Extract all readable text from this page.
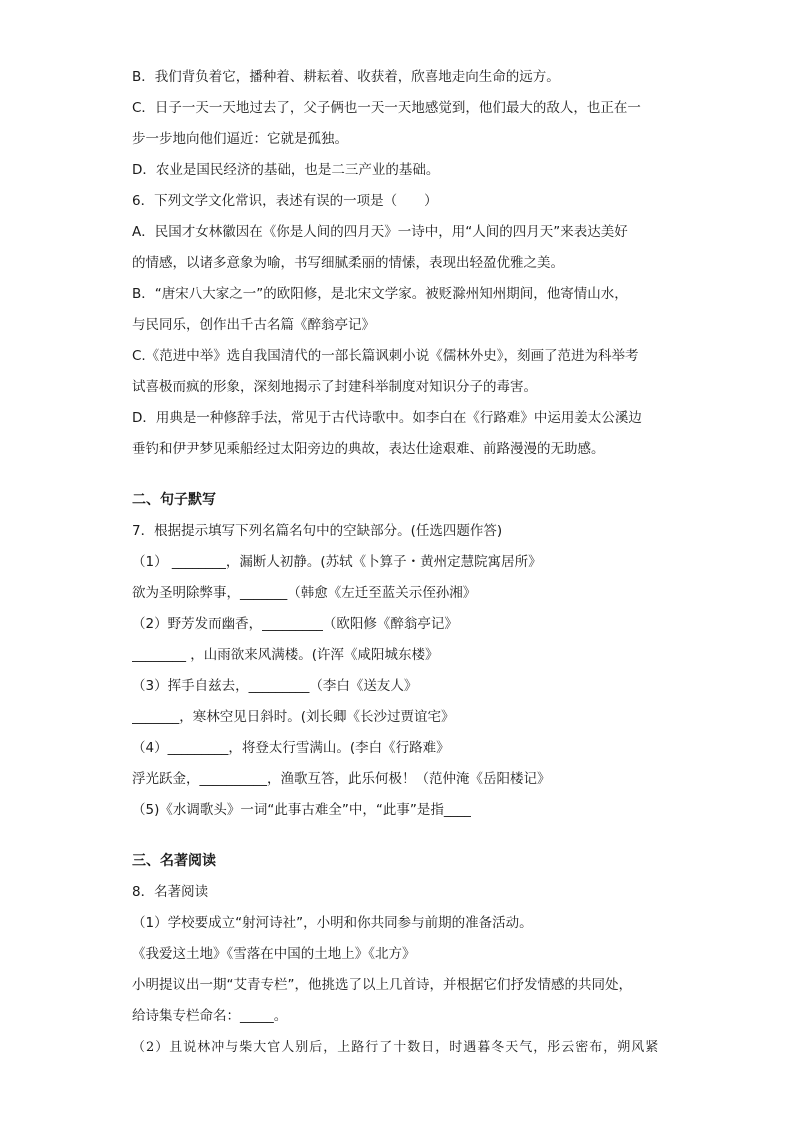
B．我们背负着它，播种着、耕耘着、收获着，欣喜地走向生命的远方。
C．日子一天一天地过去了，父子俩也一天一天地感觉到，他们最大的敌人，也正在一
步一步地向他们逼近：它就是孤独。
D．农业是国民经济的基础，也是二三产业的基础。
6．下列文学文化常识，表述有误的一项是（　　）
A．民国才女林徽因在《你是人间的四月天》一诗中，用“人间的四月天”来表达美好
的情感，以诸多意象为喻，书写细腻柔丽的情愫，表现出轻盈优雅之美。
B．“唐宋八大家之一”的欧阳修，是北宋文学家。被贬滁州知州期间，他寄情山水，
与民同乐，创作出千古名篇《醉翁亭记》
C.《范进中举》选自我国清代的一部长篇讽刺小说《儒林外史》，刻画了范进为科举考
试喜极而疯的形象，深刻地揭示了封建科举制度对知识分子的毒害。
D．用典是一种修辞手法，常见于古代诗歌中。如李白在《行路难》中运用姜太公溪边
垂钓和伊尹梦见乘船经过太阳旁边的典故，表达仕途艰难、前路漫漫的无助感。
二、句子默写
7．根据提示填写下列名篇名句中的空缺部分。(任选四题作答)
（1） ________，漏断人初静。(苏轼《卜算子・黄州定慧院寓居所》
欲为圣明除弊事，_______（韩愈《左迁至蓝关示侄孙湘》
（2）野芳发而幽香，_________（欧阳修《醉翁亭记》
________ ，山雨欲来风满楼。(许浑《咸阳城东楼》
（3）挥手自兹去，_________（李白《送友人》
_______，寒林空见日斜时。(刘长卿《长沙过贾谊宅》
（4）_________，将登太行雪满山。(李白《行路难》
浮光跃金，__________，渔歌互答，此乐何极！（范仲淹《岳阳楼记》
（5)《水调歌头》一词“此事古难全”中，“此事”是指____
三、名著阅读
8．名著阅读
（1）学校要成立“射河诗社”，小明和你共同参与前期的准备活动。
《我爱这土地》《雪落在中国的土地上》《北方》
小明提议出一期“艾青专栏”，他挑选了以上几首诗，并根据它们抒发情感的共同处，
给诗集专栏命名：_____。
（2）且说林冲与柴大官人别后，上路行了十数日，时遇暮冬天气，彤云密布，朔风紧
